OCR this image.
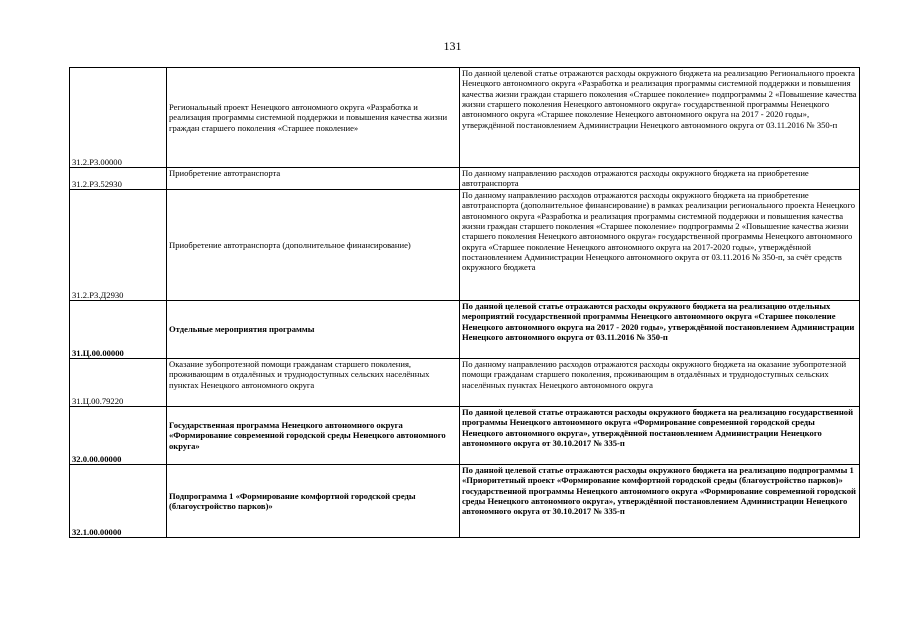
131
31.2.Р3.00000	Региональный проект Ненецкого автономного округа «Разработка и реализация программы системной поддержки и повышения качества жизни граждан старшего поколения «Старшее поколение»	По данной целевой статье отражаются расходы окружного бюджета на реализацию Регионального проекта Ненецкого автономного округа «Разработка и реализация программы системной поддержки и повышения качества жизни граждан старшего поколения «Старшее поколение» подпрограммы 2 «Повышение качества жизни старшего поколения Ненецкого автономного округа» государственной программы Ненецкого автономного округа «Старшее поколение Ненецкого автономного округа на 2017 - 2020 годы», утверждённой постановлением Администрации Ненецкого автономного округа от 03.11.2016 № 350-п
31.2.Р3.52930	Приобретение автотранспорта	По данному направлению расходов отражаются расходы окружного бюджета на приобретение автотранспорта
31.2.Р3.Д2930	Приобретение автотранспорта (дополнительное финансирование)	По данному направлению расходов отражаются расходы окружного бюджета на приобретение автотранспорта (дополнительное финансирование) в рамках реализации регионального проекта Ненецкого автономного округа «Разработка и реализация программы системной поддержки и повышения качества жизни граждан старшего поколения «Старшее поколение» подпрограммы 2 «Повышение качества жизни старшего поколения Ненецкого автономного округа» государственной программы Ненецкого автономного округа «Старшее поколение Ненецкого автономного округа на 2017-2020 годы», утверждённой постановлением Администрации Ненецкого автономного округа от 03.11.2016 № 350-п, за счёт средств окружного бюджета
31.Ц.00.00000	Отдельные мероприятия программы	По данной целевой статье отражаются расходы окружного бюджета на реализацию отдельных мероприятий государственной программы Ненецкого автономного округа «Старшее поколение Ненецкого автономного округа на 2017 - 2020 годы», утверждённой постановлением Администрации Ненецкого автономного округа от 03.11.2016 № 350-п
31.Ц.00.79220	Оказание зубопротезной помощи гражданам старшего поколения, проживающим в отдалённых и труднодоступных сельских населённых пунктах Ненецкого автономного округа	По данному направлению расходов отражаются расходы окружного бюджета на оказание зубопротезной помощи гражданам старшего поколения, проживающим в отдалённых и труднодоступных сельских населённых пунктах Ненецкого автономного округа
32.0.00.00000	Государственная программа Ненецкого автономного округа «Формирование современной городской среды Ненецкого автономного округа»	По данной целевой статье отражаются расходы окружного бюджета на реализацию государственной программы Ненецкого автономного округа «Формирование современной городской среды Ненецкого автономного округа», утверждённой постановлением Администрации Ненецкого автономного округа от 30.10.2017 № 335-п
32.1.00.00000	Подпрограмма 1 «Формирование комфортной городской среды (благоустройство парков)»	По данной целевой статье отражаются расходы окружного бюджета на реализацию подпрограммы 1 «Приоритетный проект «Формирование комфортной городской среды (благоустройство парков)» государственной программы Ненецкого автономного округа «Формирование современной городской среды Ненецкого автономного округа», утверждённой постановлением Администрации Ненецкого автономного округа от 30.10.2017 № 335-п
